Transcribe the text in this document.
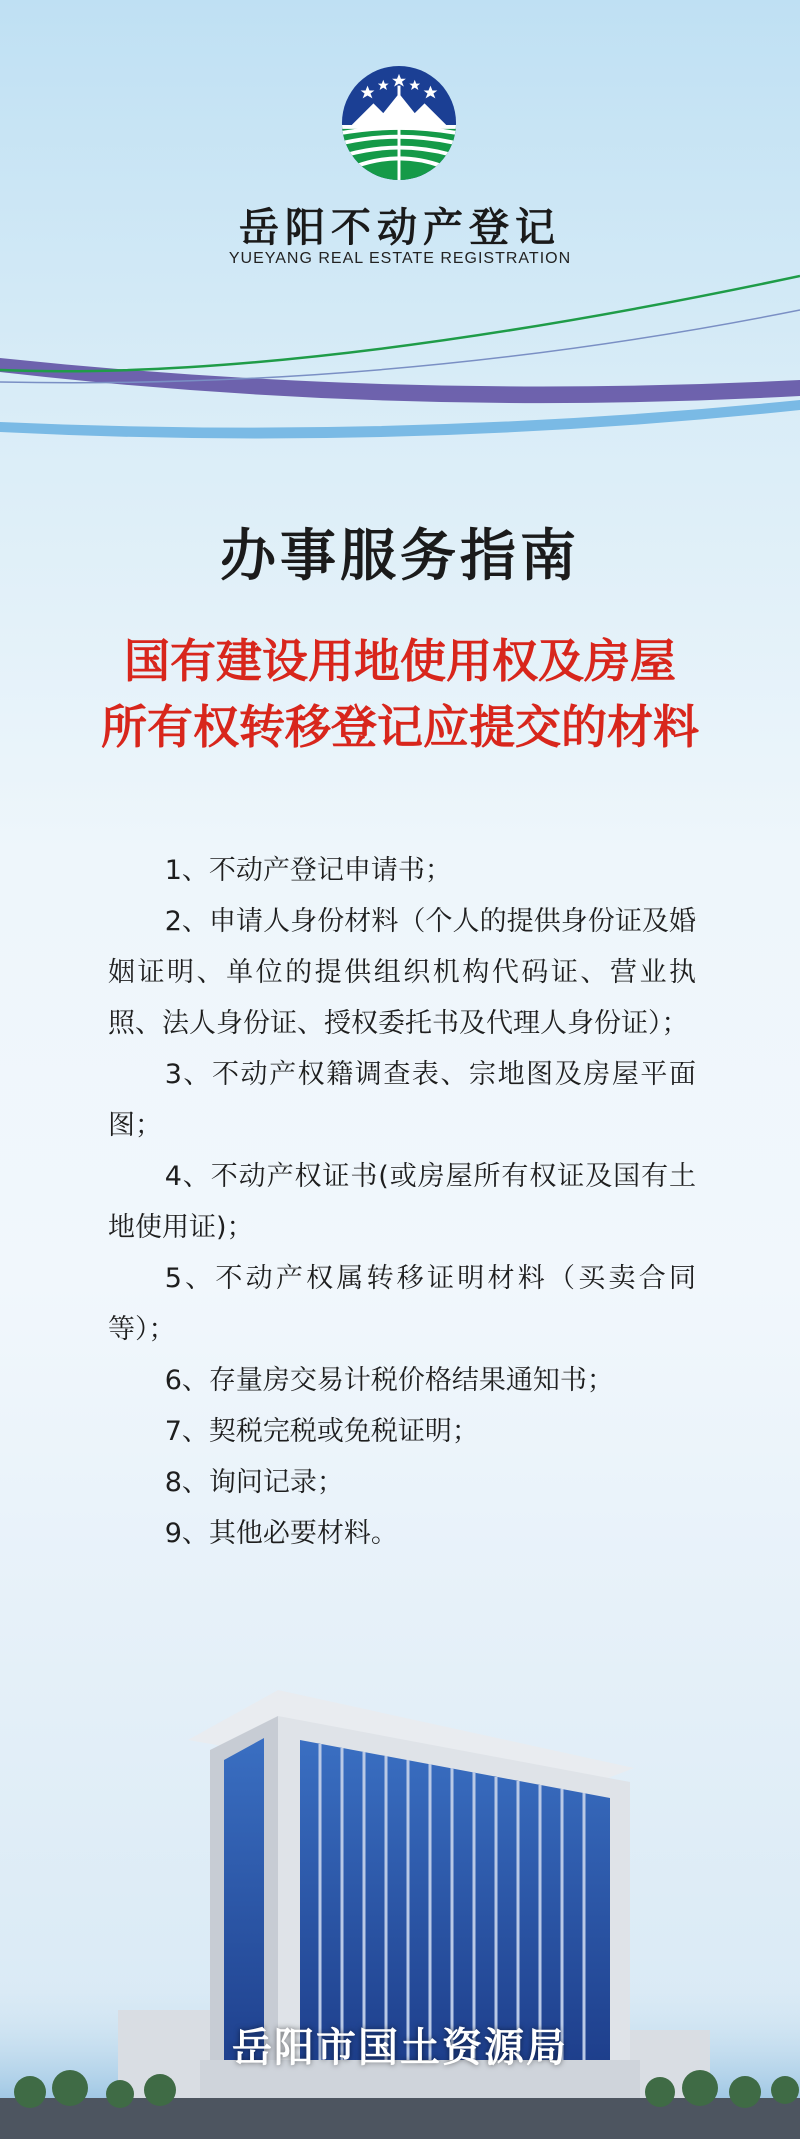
岳阳不动产登记
YUEYANG REAL ESTATE REGISTRATION
办事服务指南
国有建设用地使用权及房屋
所有权转移登记应提交的材料

1、不动产登记申请书；

2、申请人身份材料（个人的提供身份证及婚姻证明、单位的提供组织机构代码证、营业执照、法人身份证、授权委托书及代理人身份证）；

3、不动产权籍调查表、宗地图及房屋平面图；

4、不动产权证书(或房屋所有权证及国有土地使用证)；

5、不动产权属转移证明材料（买卖合同等）；

6、存量房交易计税价格结果通知书；

7、契税完税或免税证明；

8、询问记录；

9、其他必要材料。

岳阳市国土资源局
